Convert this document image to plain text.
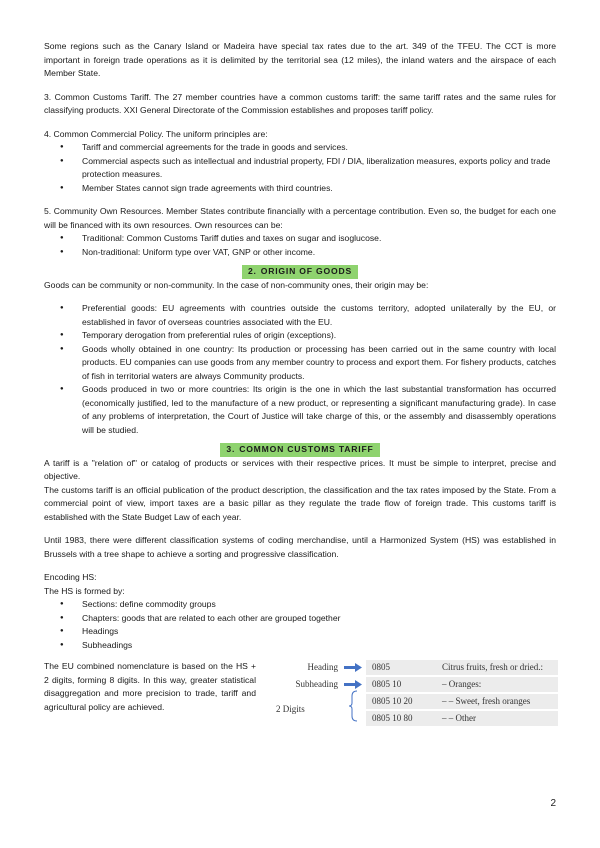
Some regions such as the Canary Island or Madeira have special tax rates due to the art. 349 of the TFEU. The CCT is more important in foreign trade operations as it is delimited by the territorial sea (12 miles), the inland waters and the airspace of each Member State.

3. Common Customs Tariff. The 27 member countries have a common customs tariff: the same tariff rates and the same rules for classifying products. XXI General Directorate of the Commission establishes and proposes tariff policy.

4. Common Commercial Policy. The uniform principles are:

● Tariff and commercial agreements for the trade in goods and services.
● Commercial aspects such as intellectual and industrial property, FDI / DIA, liberalization measures, exports policy and trade protection measures.
● Member States cannot sign trade agreements with third countries.

5. Community Own Resources. Member States contribute financially with a percentage contribution. Even so, the budget for each one will be financed with its own resources. Own resources can be:

● Traditional: Common Customs Tariff duties and taxes on sugar and isoglucose.
● Non-traditional: Uniform type over VAT, GNP or other income.

2. ORIGIN OF GOODS

Goods can be community or non-community. In the case of non-community ones, their origin may be:

● Preferential goods: EU agreements with countries outside the customs territory, adopted unilaterally by the EU, or established in favor of overseas countries associated with the EU.
● Temporary derogation from preferential rules of origin (exceptions).
● Goods wholly obtained in one country: Its production or processing has been carried out in the same country with local products. EU companies can use goods from any member country to process and export them. For fishery products, catches of fish in territorial waters are always Community products.
● Goods produced in two or more countries: Its origin is the one in which the last substantial transformation has occurred (economically justified, led to the manufacture of a new product, or representing a significant manufacturing grade). In case of any problems of interpretation, the Court of Justice will take charge of this, or the assembly and disassembly operations will be studied.

3. COMMON CUSTOMS TARIFF

A tariff is a "relation of" or catalog of products or services with their respective prices. It must be simple to interpret, precise and objective.

The customs tariff is an official publication of the product description, the classification and the tax rates imposed by the State. From a commercial point of view, import taxes are a basic pillar as they regulate the trade flow of foreign trade. This customs tariff is established with the State Budget Law of each year.

Until 1983, there were different classification systems of coding merchandise, until a Harmonized System (HS) was established in Brussels with a tree shape to achieve a sorting and progressive classification.

Encoding HS:

The HS is formed by:

● Sections: define commodity groups
● Chapters: goods that are related to each other are grouped together
● Headings
● Subheadings

The EU combined nomenclature is based on the HS + 2 digits, forming 8 digits. In this way, greater statistical disaggregation and more precision to trade, tariff and agricultural policy are achieved.

Heading	0805	Citrus fruits, fresh or dried.:
Subheading	0805 10	– Oranges:
0805 10 20	– – Sweet, fresh oranges
0805 10 80	– – Other
2 Digits
2
